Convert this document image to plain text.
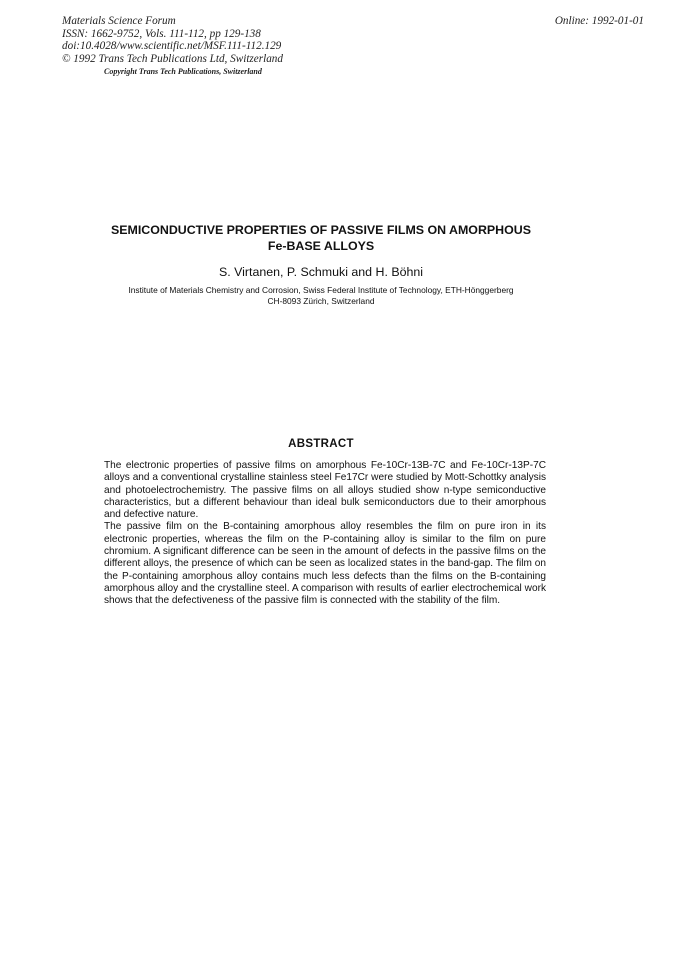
Materials Science Forum
ISSN: 1662-9752, Vols. 111-112, pp 129-138
doi:10.4028/www.scientific.net/MSF.111-112.129
© 1992 Trans Tech Publications Ltd, Switzerland
Online: 1992-01-01
Copyright Trans Tech Publications, Switzerland
SEMICONDUCTIVE PROPERTIES OF PASSIVE FILMS ON AMORPHOUS
Fe-BASE ALLOYS
S. Virtanen, P. Schmuki and H. Böhni
Institute of Materials Chemistry and Corrosion, Swiss Federal Institute of Technology, ETH-Hönggerberg
CH-8093 Zürich, Switzerland
ABSTRACT

The electronic properties of passive films on amorphous Fe-10Cr-13B-7C and Fe-10Cr-13P-7C alloys and a conventional crystalline stainless steel Fe17Cr were studied by Mott-Schottky analysis and photoelectrochemistry. The passive films on all alloys studied show n-type semiconductive characteristics, but a different behaviour than ideal bulk semiconductors due to their amorphous and defective nature.

The passive film on the B-containing amorphous alloy resembles the film on pure iron in its electronic properties, whereas the film on the P-containing alloy is similar to the film on pure chromium. A significant difference can be seen in the amount of defects in the passive films on the different alloys, the presence of which can be seen as localized states in the band-gap. The film on the P-containing amorphous alloy contains much less defects than the films on the B-containing amorphous alloy and the crystalline steel. A comparison with results of earlier electrochemical work shows that the defectiveness of the passive film is connected with the stability of the film.
